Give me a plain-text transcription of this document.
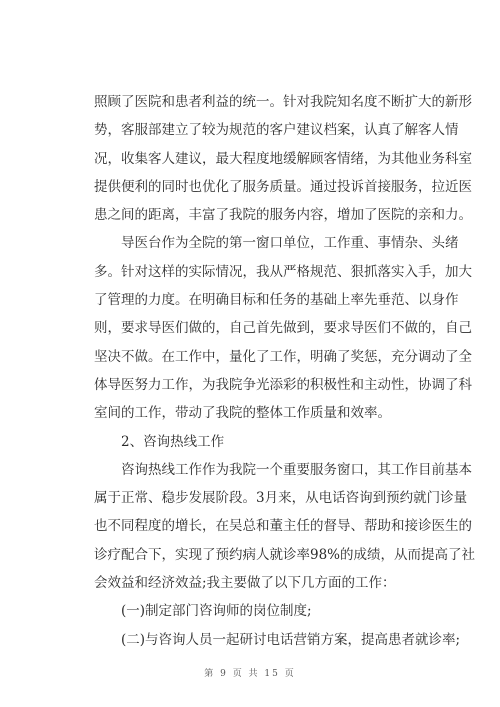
照顾了医院和患者利益的统一。针对我院知名度不断扩大的新形
势，客服部建立了较为规范的客户建议档案，认真了解客人情
况，收集客人建议，最大程度地缓解顾客情绪，为其他业务科室
提供便利的同时也优化了服务质量。通过投诉首接服务，拉近医
患之间的距离，丰富了我院的服务内容，增加了医院的亲和力。
导医台作为全院的第一窗口单位，工作重、事情杂、头绪
多。针对这样的实际情况，我从严格规范、狠抓落实入手，加大
了管理的力度。在明确目标和任务的基础上率先垂范、以身作
则，要求导医们做的，自己首先做到，要求导医们不做的，自己
坚决不做。在工作中，量化了工作，明确了奖惩，充分调动了全
体导医努力工作，为我院争光添彩的积极性和主动性，协调了科
室间的工作，带动了我院的整体工作质量和效率。
2、咨询热线工作
咨询热线工作作为我院一个重要服务窗口，其工作目前基本
属于正常、稳步发展阶段。3月来，从电话咨询到预约就门诊量
也不同程度的增长，在吴总和董主任的督导、帮助和接诊医生的
诊疗配合下，实现了预约病人就诊率98%的成绩，从而提高了社
会效益和经济效益;我主要做了以下几方面的工作：
(一)制定部门咨询师的岗位制度;
(二)与咨询人员一起研讨电话营销方案，提高患者就诊率;
第 9 页 共 15 页
